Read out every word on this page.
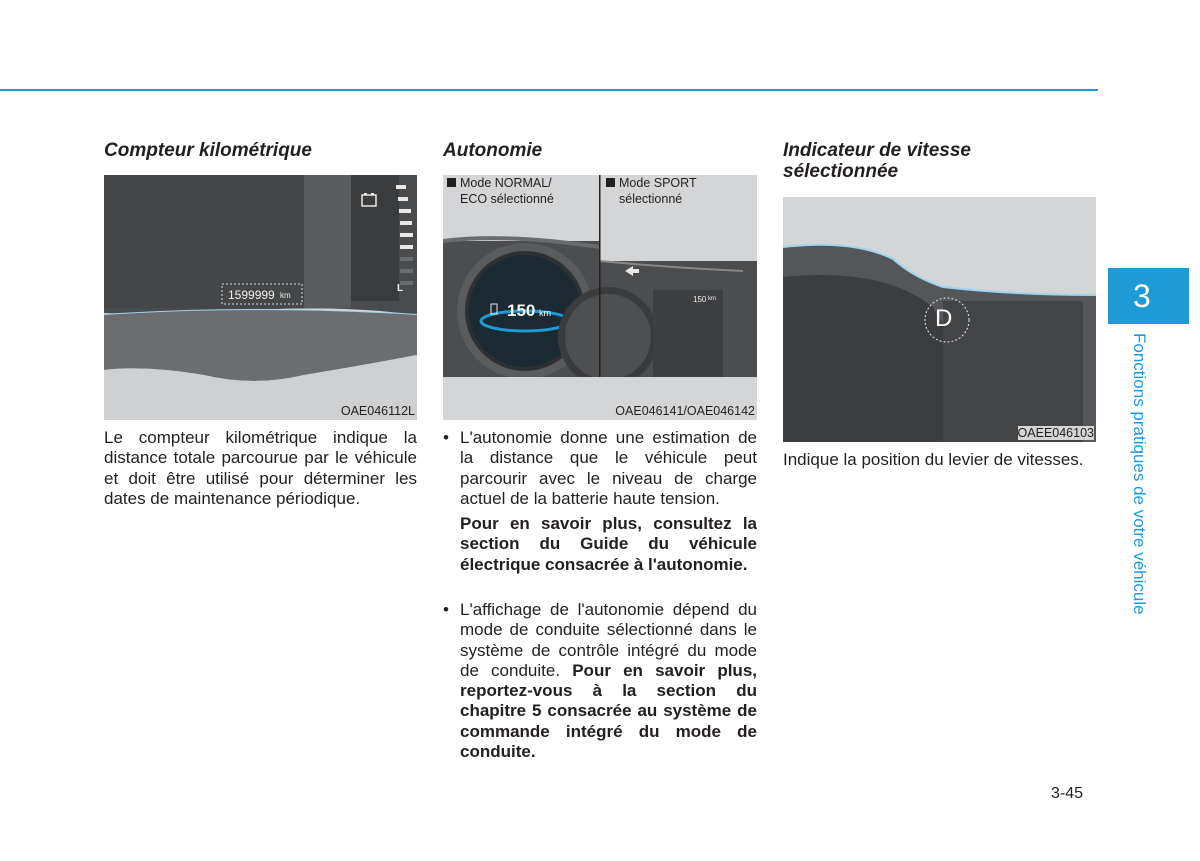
Compteur kilométrique
1599999 km
L
OAE046112L

Le compteur kilométrique indique la distance totale parcourue par le véhicule et doit être utilisé pour déterminer les dates de maintenance périodique.

Autonomie
Mode NORMAL/
ECO sélectionné
Mode SPORT
sélectionné
150 km
150 km
OAE046141/OAE046142
• L'autonomie donne une estimation de la distance que le véhicule peut parcourir avec le niveau de charge actuel de la batterie haute tension.
Pour en savoir plus, consultez la section du Guide du véhicule électrique consacrée à l'autonomie.
• L'affichage de l'autonomie dépend du mode de conduite sélectionné dans le système de contrôle intégré du mode de conduite. Pour en savoir plus, reportez-vous à la section du chapitre 5 consacrée au système de commande intégré du mode de conduite.
Indicateur de vitesse
sélectionnée
D
OAEE046103

Indique la position du levier de vitesses.

3
Fonctions pratiques de votre véhicule
3-45
